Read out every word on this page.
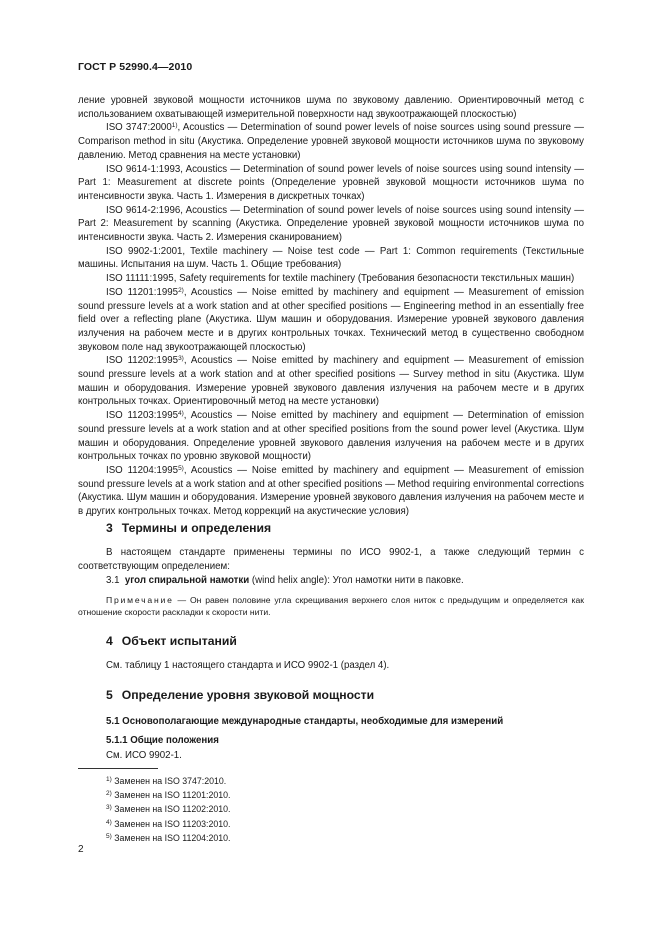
ГОСТ Р 52990.4—2010

ление уровней звуковой мощности источников шума по звуковому давлению. Ориентировочный метод с использованием охватывающей измерительной поверхности над звукоотражающей плоскостью)

ISO 3747:2000$^{1)}$, Acoustics — Determination of sound power levels of noise sources using sound pressure — Comparison method in situ (Акустика. Определение уровней звуковой мощности источников шума по звуковому давлению. Метод сравнения на месте установки)

ISO 9614-1:1993, Acoustics — Determination of sound power levels of noise sources using sound intensity — Part 1: Measurement at discrete points (Определение уровней звуковой мощности источников шума по интенсивности звука. Часть 1. Измерения в дискретных точках)

ISO 9614-2:1996, Acoustics — Determination of sound power levels of noise sources using sound intensity — Part 2: Measurement by scanning (Акустика. Определение уровней звуковой мощности источников шума по интенсивности звука. Часть 2. Измерения сканированием)

ISO 9902-1:2001, Textile machinery — Noise test code — Part 1: Common requirements (Текстильные машины. Испытания на шум. Часть 1. Общие требования)

ISO 11111:1995, Safety requirements for textile machinery (Требования безопасности текстильных машин)

ISO 11201:1995$^{2)}$, Acoustics — Noise emitted by machinery and equipment — Measurement of emission sound pressure levels at a work station and at other specified positions — Engineering method in an essentially free field over a reflecting plane (Акустика. Шум машин и оборудования. Измерение уровней звукового давления излучения на рабочем месте и в других контрольных точках. Технический метод в существенно свободном звуковом поле над звукоотражающей плоскостью)

ISO 11202:1995$^{3)}$, Acoustics — Noise emitted by machinery and equipment — Measurement of emission sound pressure levels at a work station and at other specified positions — Survey method in situ (Акустика. Шум машин и оборудования. Измерение уровней звукового давления излучения на рабочем месте и в других контрольных точках. Ориентировочный метод на месте установки)

ISO 11203:1995$^{4)}$, Acoustics — Noise emitted by machinery and equipment — Determination of emission sound pressure levels at a work station and at other specified positions from the sound power level (Акустика. Шум машин и оборудования. Определение уровней звукового давления излучения на рабочем месте и в других контрольных точках по уровню звуковой мощности)

ISO 11204:1995$^{5)}$, Acoustics — Noise emitted by machinery and equipment — Measurement of emission sound pressure levels at a work station and at other specified positions — Method requiring environmental corrections (Акустика. Шум машин и оборудования. Измерение уровней звукового давления излучения на рабочем месте и в других контрольных точках. Метод коррекций на акустические условия)

3 Термины и определения

В настоящем стандарте применены термины по ИСО 9902-1, а также следующий термин с соответствующим определением:

3.1 угол спиральной намотки (wind helix angle): Угол намотки нити в паковке.

Примечание — Он равен половине угла скрещивания верхнего слоя ниток с предыдущим и определяется как отношение скорости раскладки к скорости нити.

4 Объект испытаний
См. таблицу 1 настоящего стандарта и ИСО 9902-1 (раздел 4).
5 Определение уровня звуковой мощности
5.1 Основополагающие международные стандарты, необходимые для измерений
5.1.1 Общие положения
См. ИСО 9902-1.
$^{1)}$ Заменен на ISO 3747:2010.
$^{2)}$ Заменен на ISO 11201:2010.
$^{3)}$ Заменен на ISO 11202:2010.
$^{4)}$ Заменен на ISO 11203:2010.
$^{5)}$ Заменен на ISO 11204:2010.
2
